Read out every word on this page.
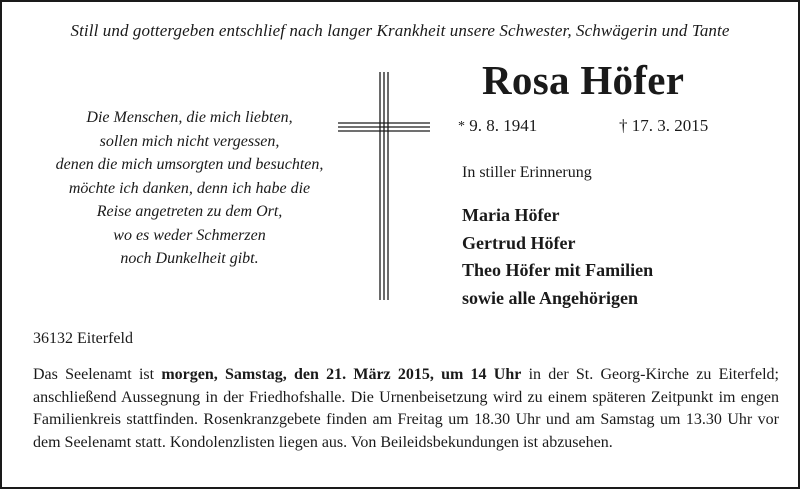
Still und gottergeben entschlief nach langer Krankheit unsere Schwester, Schwägerin und Tante
Die Menschen, die mich liebten,
sollen mich nicht vergessen,
denen die mich umsorgten und besuchten,
möchte ich danken, denn ich habe die
Reise angetreten zu dem Ort,
wo es weder Schmerzen
noch Dunkelheit gibt.
Rosa Höfer
* 9. 8. 1941	† 17. 3. 2015
In stiller Erinnerung
Maria Höfer
Gertrud Höfer
Theo Höfer mit Familien
sowie alle Angehörigen
36132 Eiterfeld

Das Seelenamt ist morgen, Samstag, den 21. März 2015, um 14 Uhr in der St. Georg-Kirche zu Eiterfeld; anschließend Aussegnung in der Friedhofshalle. Die Urnenbeisetzung wird zu einem späteren Zeitpunkt im engen Familienkreis stattfinden. Rosenkranzgebete finden am Freitag um 18.30 Uhr und am Samstag um 13.30 Uhr vor dem Seelenamt statt. Kondolenzlisten liegen aus. Von Beileidsbekundungen ist abzusehen.
